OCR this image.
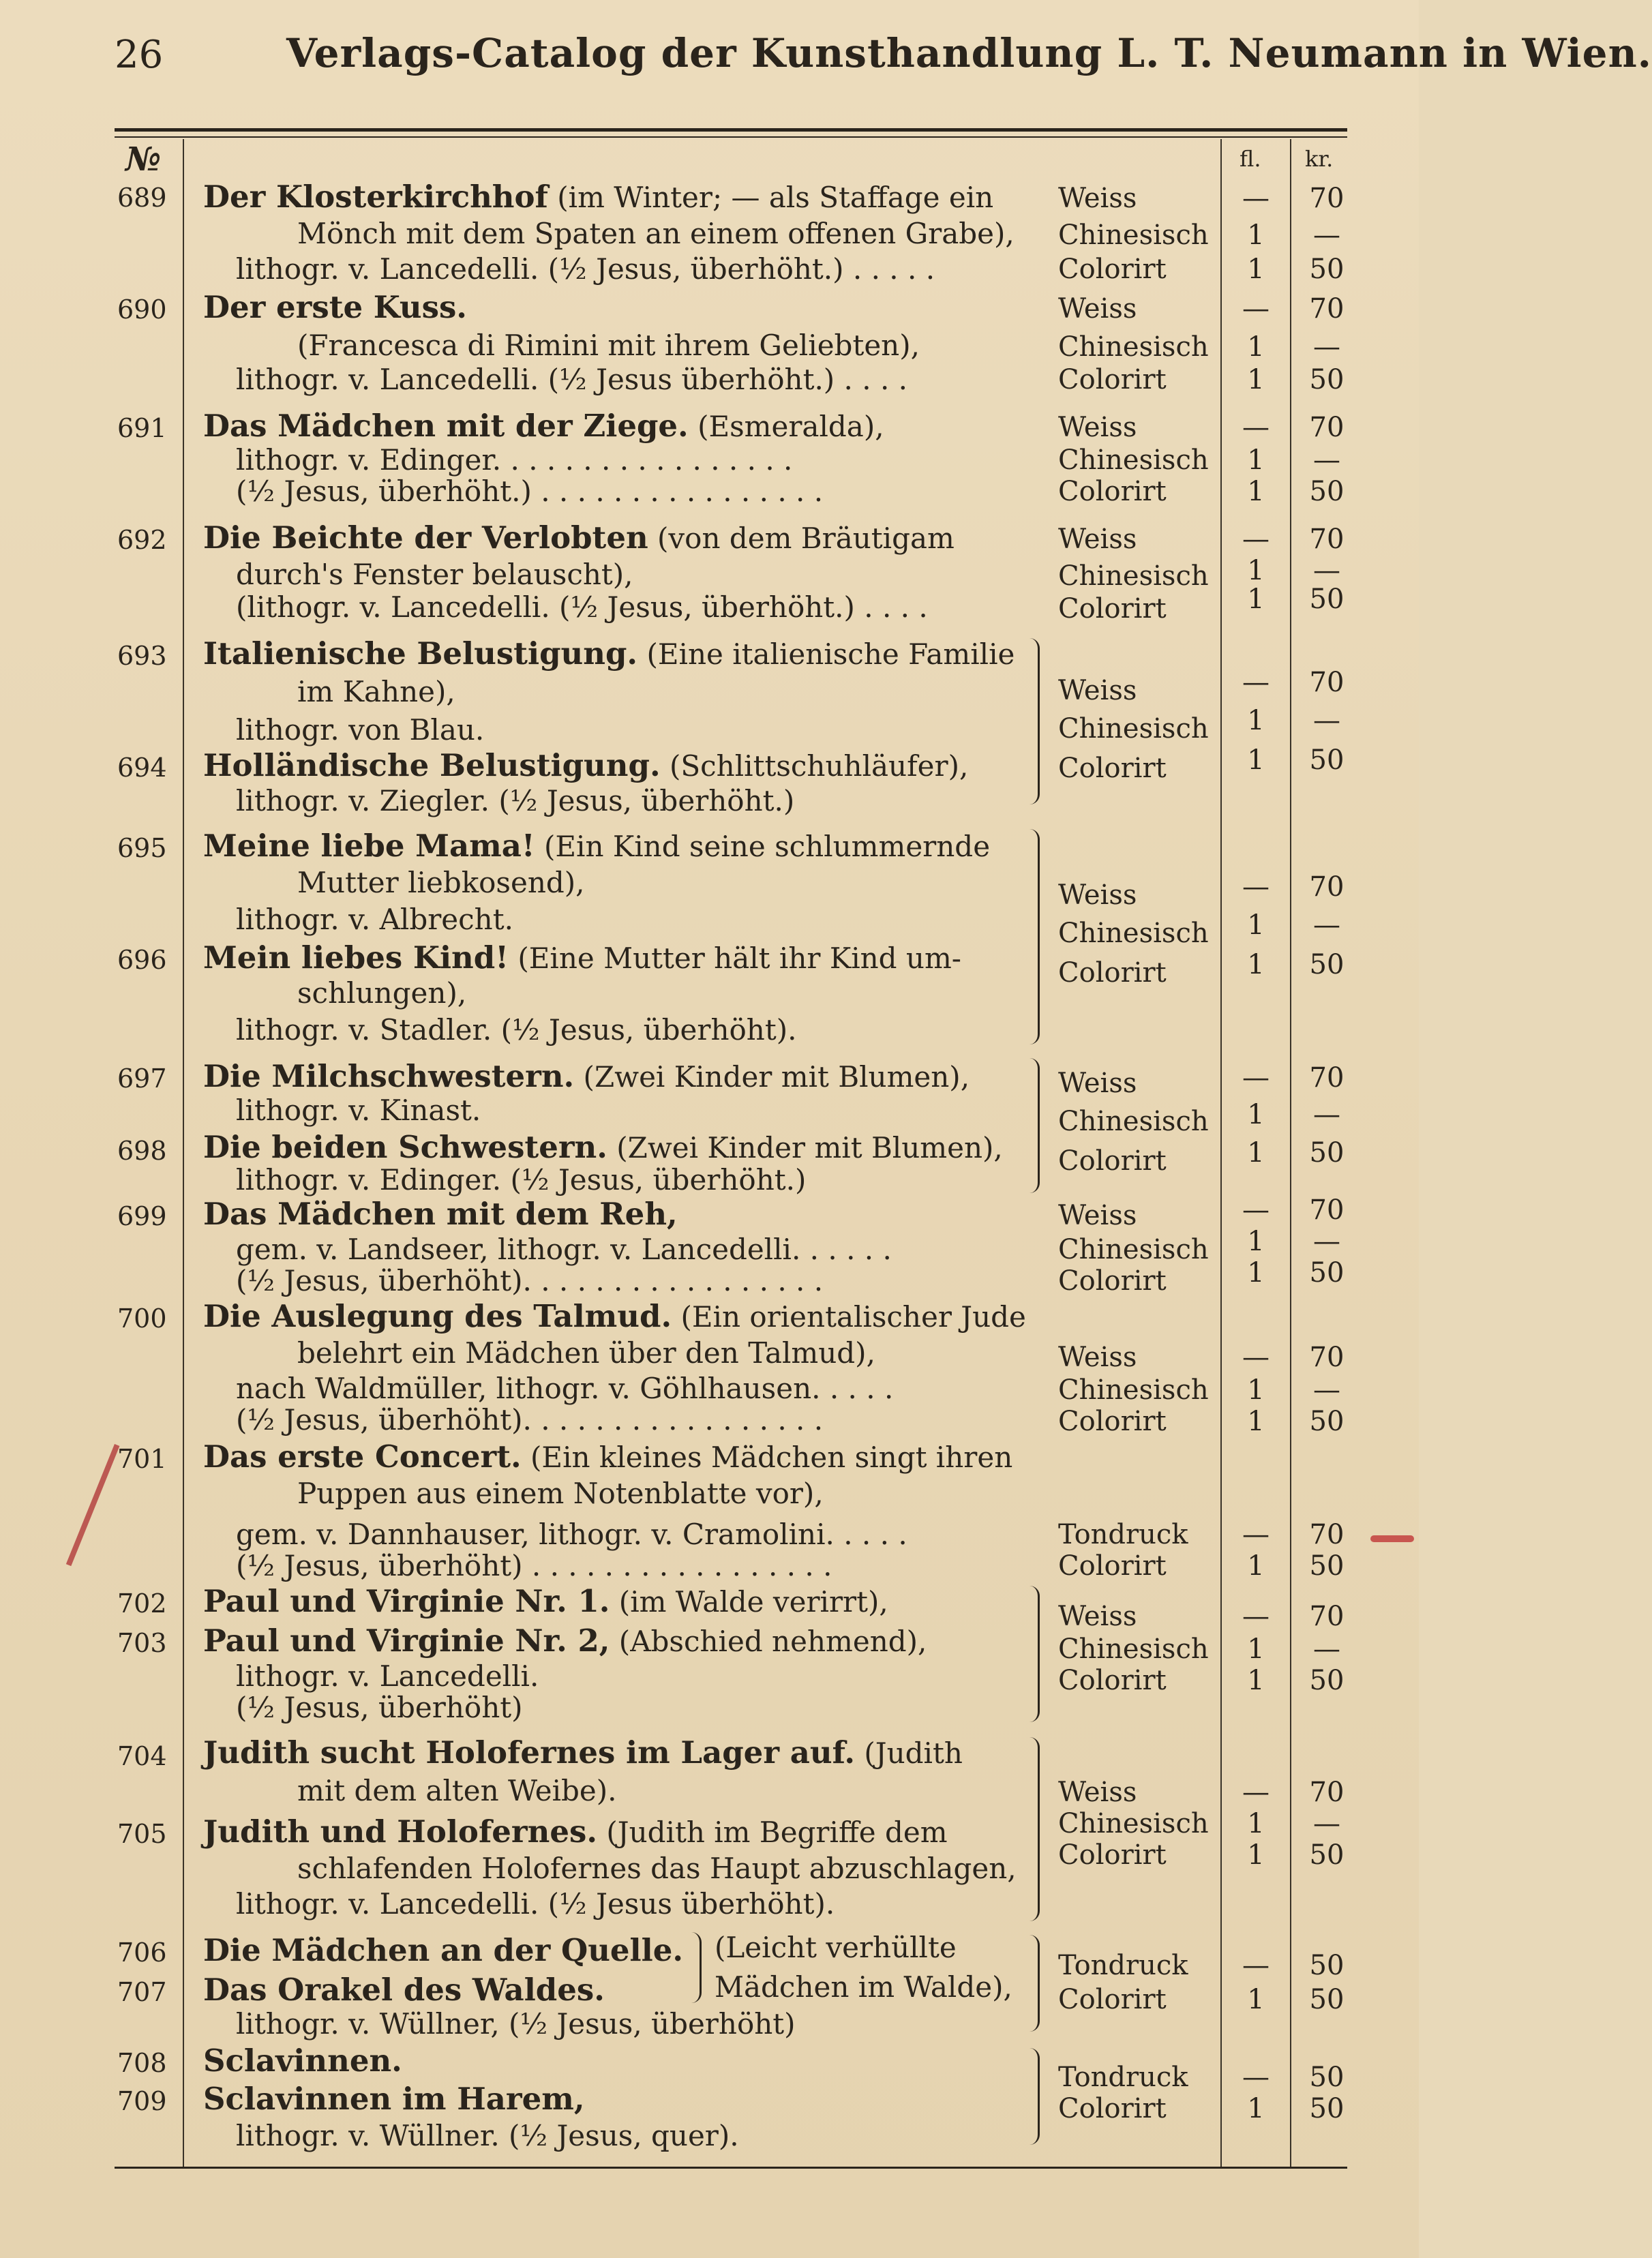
26	Verlags-Catalog der Kunsthandlung L. T. Neumann in Wien.
№	fl. kr.
689 Der Klosterkirchhof (im Winter; — als Staffage ein
Mönch mit dem Spaten an einem offenen Grabe),
lithogr. v. Lancedelli. (½ Jesus, überhöht.) . . . . .
Weiss
Chinesisch
Colorirt
—
1
1
70
—
50
690 Der erste Kuss.
(Francesca di Rimini mit ihrem Geliebten),
lithogr. v. Lancedelli. (½ Jesus überhöht.) . . . .
Weiss
Chinesisch
Colorirt
—
1
1
70
—
50
691 Das Mädchen mit der Ziege. (Esmeralda),
lithogr. v. Edinger. . . . . . . . . . . . . . . . .
(½ Jesus, überhöht.) . . . . . . . . . . . . . . . .
Weiss
Chinesisch
Colorirt
—
1
1
70
—
50
692 Die Beichte der Verlobten (von dem Bräutigam
durch's Fenster belauscht),
(lithogr. v. Lancedelli. (½ Jesus, überhöht.) . . . .
Weiss
Chinesisch
Colorirt
—
1
1
70
—
50
693 Italienische Belustigung. (Eine italienische Familie
im Kahne),
lithogr. von Blau.
694 Holländische Belustigung. (Schlittschuhläufer),
lithogr. v. Ziegler. (½ Jesus, überhöht.)
Weiss
Chinesisch
Colorirt
—
1
1
70
—
50
695 Meine liebe Mama! (Ein Kind seine schlummernde
Mutter liebkosend),
lithogr. v. Albrecht.
696 Mein liebes Kind! (Eine Mutter hält ihr Kind um-
schlungen),
lithogr. v. Stadler. (½ Jesus, überhöht).
Weiss
Chinesisch
Colorirt
—
1
1
70
—
50
697 Die Milchschwestern. (Zwei Kinder mit Blumen),
lithogr. v. Kinast.
698 Die beiden Schwestern. (Zwei Kinder mit Blumen),
lithogr. v. Edinger. (½ Jesus, überhöht.)
Weiss
Chinesisch
Colorirt
—
1
1
70
—
50
699 Das Mädchen mit dem Reh,
gem. v. Landseer, lithogr. v. Lancedelli. . . . . .
(½ Jesus, überhöht). . . . . . . . . . . . . . . . .
Weiss
Chinesisch
Colorirt
—
1
1
70
—
50
700 Die Auslegung des Talmud. (Ein orientalischer Jude
belehrt ein Mädchen über den Talmud),
nach Waldmüller, lithogr. v. Göhlhausen. . . . .
(½ Jesus, überhöht). . . . . . . . . . . . . . . . .
Weiss
Chinesisch
Colorirt
—
1
1
70
—
50
701 Das erste Concert. (Ein kleines Mädchen singt ihren
Puppen aus einem Notenblatte vor),
gem. v. Dannhauser, lithogr. v. Cramolini. . . . .
(½ Jesus, überhöht) . . . . . . . . . . . . . . . . .
Tondruck
Colorirt
—
1
70
50
702 Paul und Virginie Nr. 1. (im Walde verirrt),
703 Paul und Virginie Nr. 2, (Abschied nehmend),
lithogr. v. Lancedelli.
(½ Jesus, überhöht)
Weiss
Chinesisch
Colorirt
—
1
1
70
—
50
704 Judith sucht Holofernes im Lager auf. (Judith
mit dem alten Weibe).
705 Judith und Holofernes. (Judith im Begriffe dem
schlafenden Holofernes das Haupt abzuschlagen,
lithogr. v. Lancedelli. (½ Jesus überhöht).
Weiss
Chinesisch
Colorirt
—
1
1
70
—
50
706 Die Mädchen an der Quelle.
707 Das Orakel des Waldes.
(Leicht verhüllte
Mädchen im Walde),
lithogr. v. Wüllner, (½ Jesus, überhöht)
Tondruck
Colorirt
—
1
50
50
708 Sclavinnen.
709 Sclavinnen im Harem,
lithogr. v. Wüllner. (½ Jesus, quer).
Tondruck
Colorirt
—
1
50
50
